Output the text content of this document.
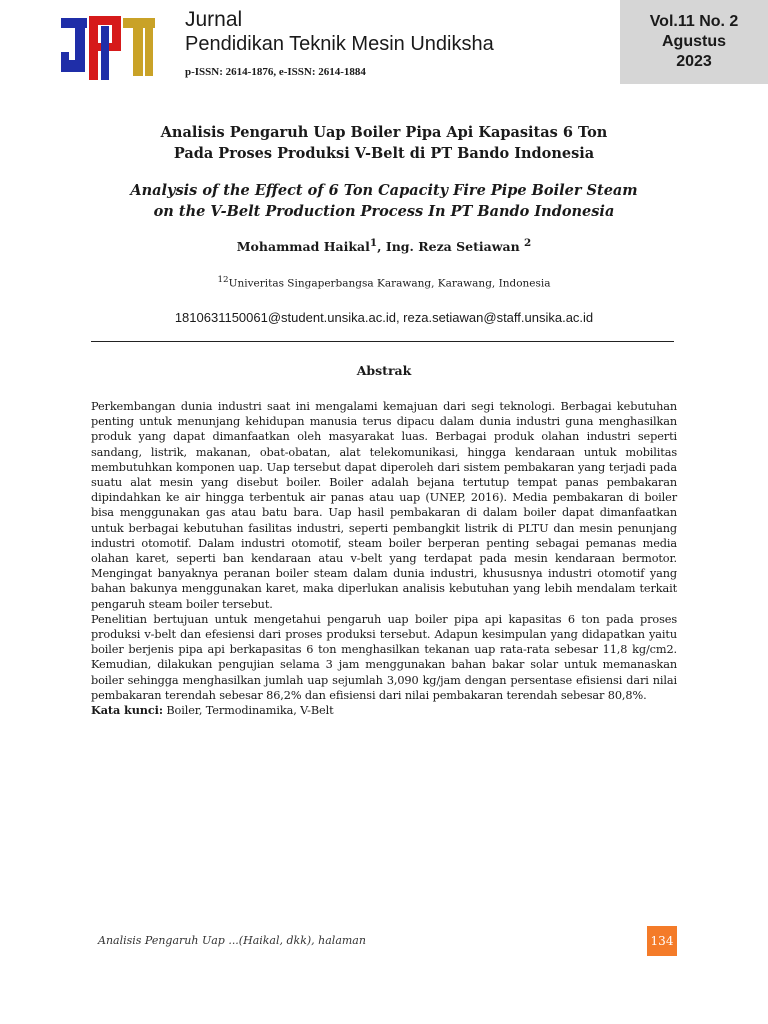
Jurnal
Pendidikan Teknik Mesin Undiksha
p-ISSN: 2614-1876, e-ISSN: 2614-1884
Vol.11 No. 2
Agustus
2023
Analisis Pengaruh Uap Boiler Pipa Api Kapasitas 6 Ton
Pada Proses Produksi V-Belt di PT Bando Indonesia
Analysis of the Effect of 6 Ton Capacity Fire Pipe Boiler Steam
on the V-Belt Production Process In PT Bando Indonesia
Mohammad Haikal$^1$, Ing. Reza Setiawan $^2$
$^{12}$Univeritas Singaperbangsa Karawang, Karawang, Indonesia
1810631150061@student.unsika.ac.id, reza.setiawan@staff.unsika.ac.id
Abstrak

Perkembangan dunia industri saat ini mengalami kemajuan dari segi teknologi. Berbagai kebutuhan penting untuk menunjang kehidupan manusia terus dipacu dalam dunia industri guna menghasilkan produk yang dapat dimanfaatkan oleh masyarakat luas. Berbagai produk olahan industri seperti sandang, listrik, makanan, obat-obatan, alat telekomunikasi, hingga kendaraan untuk mobilitas membutuhkan komponen uap. Uap tersebut dapat diperoleh dari sistem pembakaran yang terjadi pada suatu alat mesin yang disebut boiler. Boiler adalah bejana tertutup tempat panas pembakaran dipindahkan ke air hingga terbentuk air panas atau uap (UNEP, 2016). Media pembakaran di boiler bisa menggunakan gas atau batu bara. Uap hasil pembakaran di dalam boiler dapat dimanfaatkan untuk berbagai kebutuhan fasilitas industri, seperti pembangkit listrik di PLTU dan mesin penunjang industri otomotif. Dalam industri otomotif, steam boiler berperan penting sebagai pemanas media olahan karet, seperti ban kendaraan atau v-belt yang terdapat pada mesin kendaraan bermotor. Mengingat banyaknya peranan boiler steam dalam dunia industri, khususnya industri otomotif yang bahan bakunya menggunakan karet, maka diperlukan analisis kebutuhan yang lebih mendalam terkait pengaruh steam boiler tersebut.

Penelitian bertujuan untuk mengetahui pengaruh uap boiler pipa api kapasitas 6 ton pada proses produksi v-belt dan efesiensi dari proses produksi tersebut. Adapun kesimpulan yang didapatkan yaitu boiler berjenis pipa api berkapasitas 6 ton menghasilkan tekanan uap rata-rata sebesar 11,8 kg/cm2. Kemudian, dilakukan pengujian selama 3 jam menggunakan bahan bakar solar untuk memanaskan boiler sehingga menghasilkan jumlah uap sejumlah 3,090 kg/jam dengan persentase efisiensi dari nilai pembakaran terendah sebesar 86,2% dan efisiensi dari nilai pembakaran terendah sebesar 80,8%.

Kata kunci: Boiler, Termodinamika, V-Belt

Analisis Pengaruh Uap ...(Haikal, dkk), halaman	134
